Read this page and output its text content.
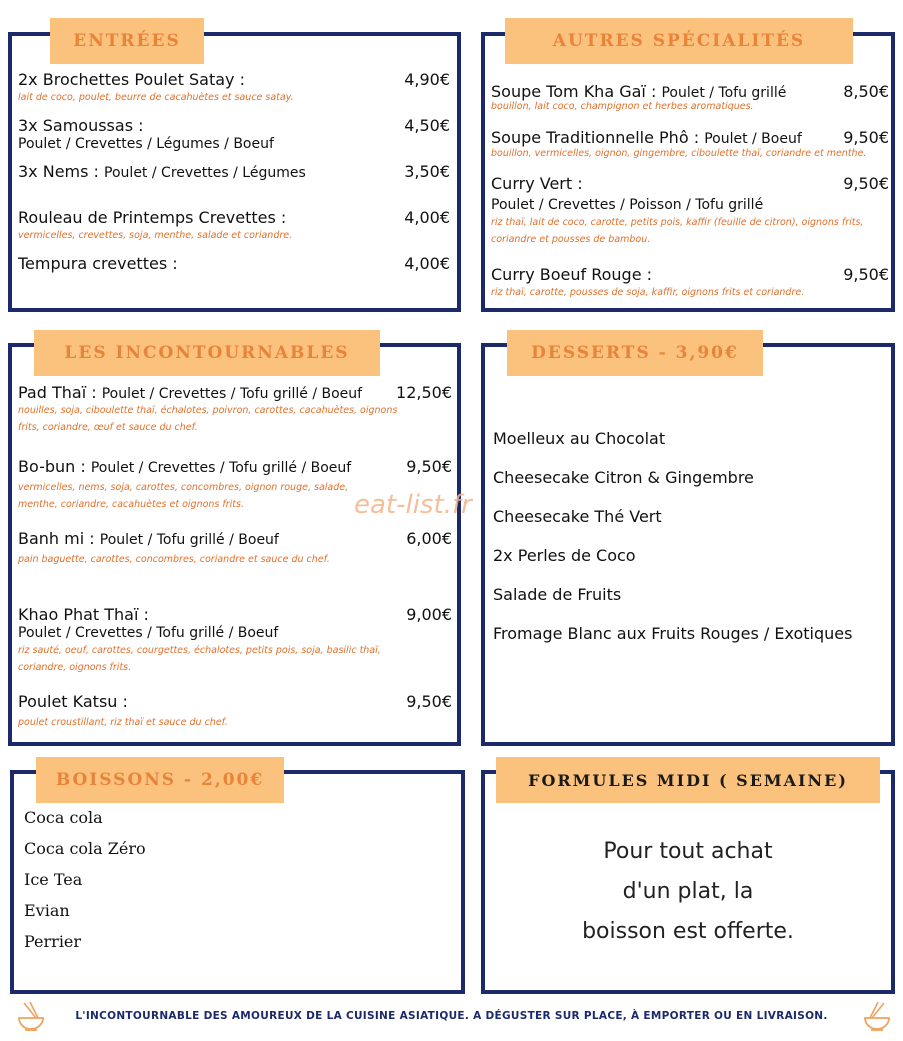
2x Brochettes Poulet Satay :	4,90€
lait de coco, poulet, beurre de cacahuètes et sauce satay.
3x Samoussas :	4,50€
Poulet / Crevettes / Légumes / Boeuf
3x Nems : Poulet / Crevettes / Légumes	3,50€
Rouleau de Printemps Crevettes :	4,00€
vermicelles, crevettes, soja, menthe, salade et coriandre.
Tempura crevettes :	4,00€
ENTRÉES
Soupe Tom Kha Gaï : Poulet / Tofu grillé	8,50€
bouillon, lait coco, champignon et herbes aromatiques.
Soupe Traditionnelle Phô : Poulet / Boeuf	9,50€
bouillon, vermicelles, oignon, gingembre, ciboulette thaï, coriandre et menthe.
Curry Vert :	9,50€
Poulet / Crevettes / Poisson / Tofu grillé
riz thaï, lait de coco, carotte, petits pois, kaffir (feuille de citron), oignons frits, coriandre et pousses de bambou.
Curry Boeuf Rouge :	9,50€
riz thaï, carotte, pousses de soja, kaffir, oignons frits et coriandre.
AUTRES SPÉCIALITÉS
Pad Thaï : Poulet / Crevettes / Tofu grillé / Boeuf 12,50€
nouilles, soja, ciboulette thaï, échalotes, poivron, carottes, cacahuètes, oignons frits, coriandre, œuf et sauce du chef.
Bo-bun : Poulet / Crevettes / Tofu grillé / Boeuf	9,50€
vermicelles, nems, soja, carottes, concombres, oignon rouge, salade, menthe, coriandre, cacahuètes et oignons frits.
Banh mi : Poulet / Tofu grillé / Boeuf	6,00€
pain baguette, carottes, concombres, coriandre et sauce du chef.
Khao Phat Thaï :	9,00€
Poulet / Crevettes / Tofu grillé / Boeuf
riz sauté, oeuf, carottes, courgettes, échalotes, petits pois, soja, basilic thaï, coriandre, oignons frits.
Poulet Katsu :	9,50€
poulet croustillant, riz thaï et sauce du chef.
LES INCONTOURNABLES
Moelleux au Chocolat
Cheesecake Citron & Gingembre
Cheesecake Thé Vert
2x Perles de Coco
Salade de Fruits
Fromage Blanc aux Fruits Rouges / Exotiques
DESSERTS - 3,90€
Coca cola
Coca cola Zéro
Ice Tea
Evian
Perrier
BOISSONS - 2,00€
Pour tout achat
d'un plat, la
boisson est offerte.
FORMULES MIDI ( SEMAINE)
eat-list.fr
L'INCONTOURNABLE DES AMOUREUX DE LA CUISINE ASIATIQUE. A DÉGUSTER SUR PLACE, À EMPORTER OU EN LIVRAISON.
